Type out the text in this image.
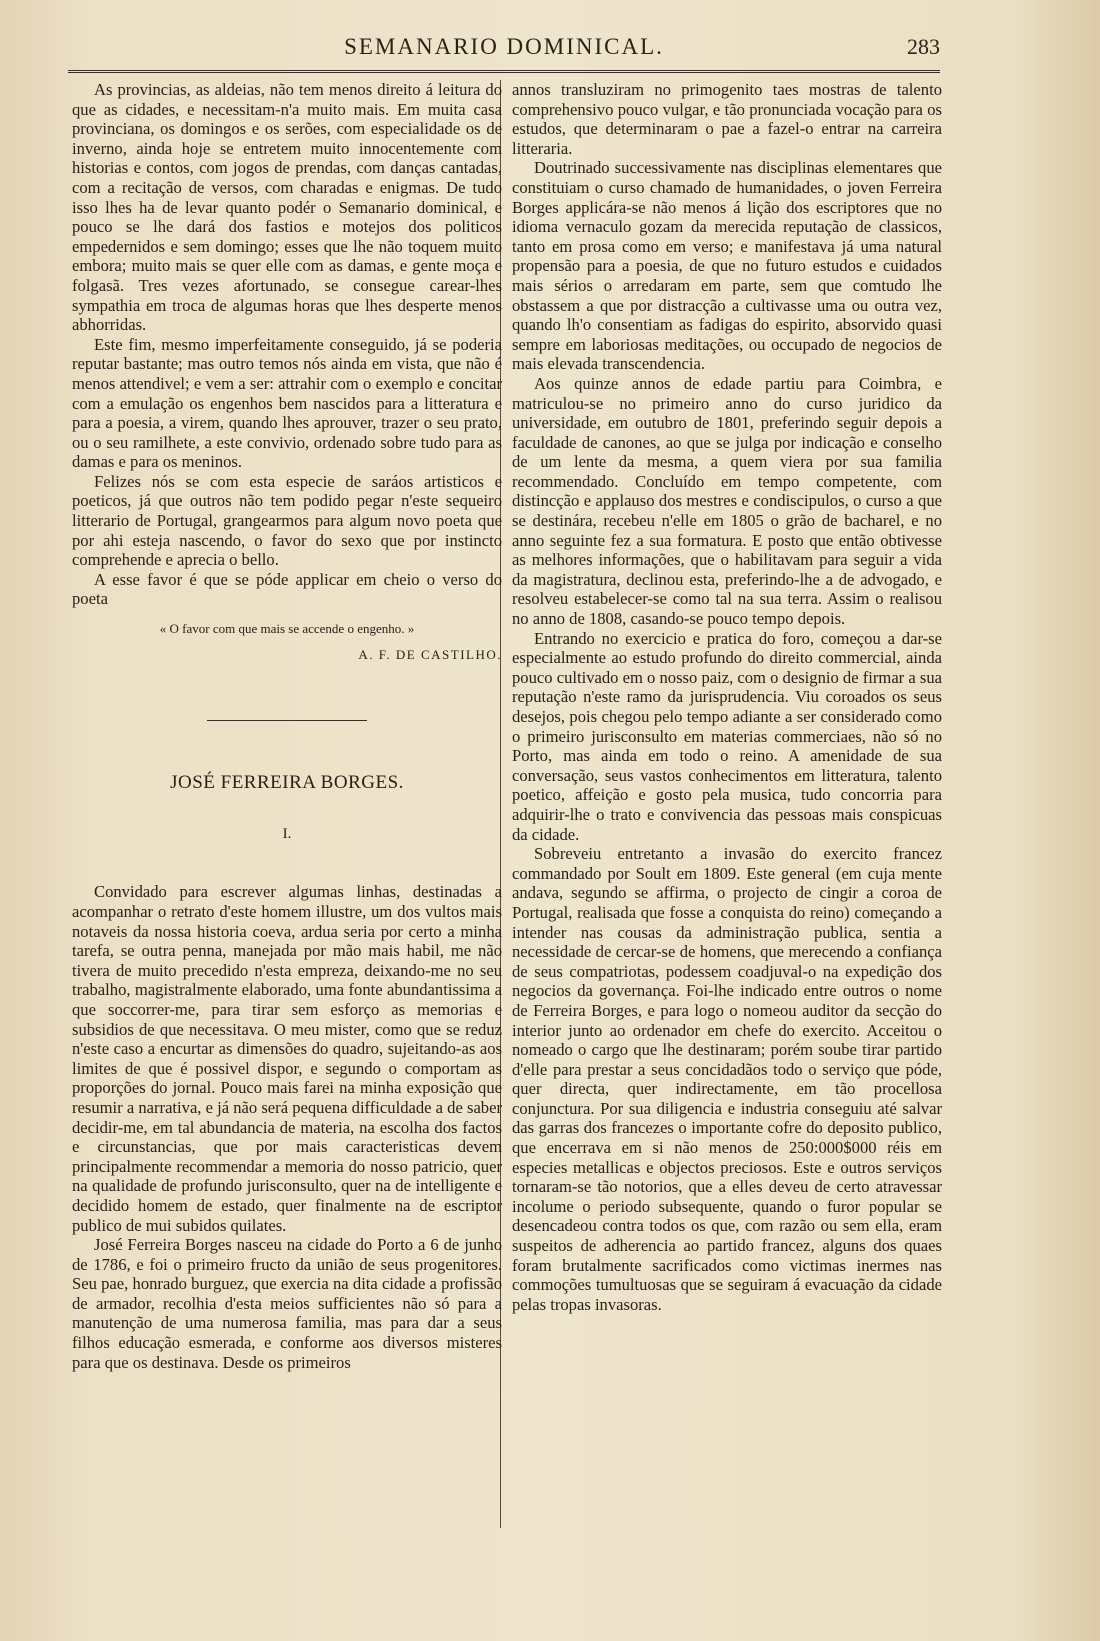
SEMANARIO DOMINICAL.	283

As provincias, as aldeias, não tem menos direito á leitura do que as cidades, e necessitam-n'a muito mais. Em muita casa provinciana, os domingos e os serões, com especialidade os de inverno, ainda hoje se entretem muito innocentemente com historias e contos, com jogos de prendas, com danças cantadas, com a recitação de versos, com charadas e enigmas. De tudo isso lhes ha de levar quanto podér o Semanario dominical, e pouco se lhe dará dos fastios e motejos dos politicos empedernidos e sem domingo; esses que lhe não toquem muito embora; muito mais se quer elle com as damas, e gente moça e folgasã. Tres vezes afortunado, se consegue carear-lhes sympathia em troca de algumas horas que lhes desperte menos abhorridas.

Este fim, mesmo imperfeitamente conseguido, já se poderia reputar bastante; mas outro temos nós ainda em vista, que não é menos attendivel; e vem a ser: attrahir com o exemplo e concitar com a emulação os engenhos bem nascidos para a litteratura e para a poesia, a virem, quando lhes aprouver, trazer o seu prato, ou o seu ramilhete, a este convivio, ordenado sobre tudo para as damas e para os meninos.

Felizes nós se com esta especie de saráos artisticos e poeticos, já que outros não tem podido pegar n'este sequeiro litterario de Portugal, grangearmos para algum novo poeta que por ahi esteja nascendo, o favor do sexo que por instincto comprehende e aprecia o bello.

A esse favor é que se póde applicar em cheio o verso do poeta

« O favor com que mais se accende o engenho. »

A. F. DE CASTILHO.

JOSÉ FERREIRA BORGES.

I.

Convidado para escrever algumas linhas, destinadas a acompanhar o retrato d'este homem illustre, um dos vultos mais notaveis da nossa historia coeva, ardua seria por certo a minha tarefa, se outra penna, manejada por mão mais habil, me não tivera de muito precedido n'esta empreza, deixando-me no seu trabalho, magistralmente elaborado, uma fonte abundantissima a que soccorrer-me, para tirar sem esforço as memorias e subsidios de que necessitava. O meu mister, como que se reduz n'este caso a encurtar as dimensões do quadro, sujeitando-as aos limites de que é possivel dispor, e segundo o comportam as proporções do jornal. Pouco mais farei na minha exposição que resumir a narrativa, e já não será pequena difficuldade a de saber decidir-me, em tal abundancia de materia, na escolha dos factos e circunstancias, que por mais caracteristicas devem principalmente recommendar a memoria do nosso patricio, quer na qualidade de profundo jurisconsulto, quer na de intelligente e decidido homem de estado, quer finalmente na de escriptor publico de mui subidos quilates.

José Ferreira Borges nasceu na cidade do Porto a 6 de junho de 1786, e foi o primeiro fructo da união de seus progenitores. Seu pae, honrado burguez, que exercia na dita cidade a profissão de armador, recolhia d'esta meios sufficientes não só para a manutenção de uma numerosa familia, mas para dar a seus filhos educação esmerada, e conforme aos diversos misteres para que os destinava. Desde os primeiros

annos transluziram no primogenito taes mostras de talento comprehensivo pouco vulgar, e tão pronunciada vocação para os estudos, que determinaram o pae a fazel-o entrar na carreira litteraria.

Doutrinado successivamente nas disciplinas elementares que constituiam o curso chamado de humanidades, o joven Ferreira Borges applicára-se não menos á lição dos escriptores que no idioma vernaculo gozam da merecida reputação de classicos, tanto em prosa como em verso; e manifestava já uma natural propensão para a poesia, de que no futuro estudos e cuidados mais sérios o arredaram em parte, sem que comtudo lhe obstassem a que por distracção a cultivasse uma ou outra vez, quando lh'o consentiam as fadigas do espirito, absorvido quasi sempre em laboriosas meditações, ou occupado de negocios de mais elevada transcendencia.

Aos quinze annos de edade partiu para Coimbra, e matriculou-se no primeiro anno do curso juridico da universidade, em outubro de 1801, preferindo seguir depois a faculdade de canones, ao que se julga por indicação e conselho de um lente da mesma, a quem viera por sua familia recommendado. Concluído em tempo competente, com distincção e applauso dos mestres e condiscipulos, o curso a que se destinára, recebeu n'elle em 1805 o grão de bacharel, e no anno seguinte fez a sua formatura. E posto que então obtivesse as melhores informações, que o habilitavam para seguir a vida da magistratura, declinou esta, preferindo-lhe a de advogado, e resolveu estabelecer-se como tal na sua terra. Assim o realisou no anno de 1808, casando-se pouco tempo depois.

Entrando no exercicio e pratica do foro, começou a dar-se especialmente ao estudo profundo do direito commercial, ainda pouco cultivado em o nosso paiz, com o designio de firmar a sua reputação n'este ramo da jurisprudencia. Viu coroados os seus desejos, pois chegou pelo tempo adiante a ser considerado como o primeiro jurisconsulto em materias commerciaes, não só no Porto, mas ainda em todo o reino. A amenidade de sua conversação, seus vastos conhecimentos em litteratura, talento poetico, affeição e gosto pela musica, tudo concorria para adquirir-lhe o trato e convivencia das pessoas mais conspicuas da cidade.

Sobreveiu entretanto a invasão do exercito francez commandado por Soult em 1809. Este general (em cuja mente andava, segundo se affirma, o projecto de cingir a coroa de Portugal, realisada que fosse a conquista do reino) começando a intender nas cousas da administração publica, sentia a necessidade de cercar-se de homens, que merecendo a confiança de seus compatriotas, podessem coadjuval-o na expedição dos negocios da governança. Foi-lhe indicado entre outros o nome de Ferreira Borges, e para logo o nomeou auditor da secção do interior junto ao ordenador em chefe do exercito. Acceitou o nomeado o cargo que lhe destinaram; porém soube tirar partido d'elle para prestar a seus concidadãos todo o serviço que póde, quer directa, quer indirectamente, em tão procellosa conjunctura. Por sua diligencia e industria conseguiu até salvar das garras dos francezes o importante cofre do deposito publico, que encerrava em si não menos de 250:000$000 réis em especies metallicas e objectos preciosos. Este e outros serviços tornaram-se tão notorios, que a elles deveu de certo atravessar incolume o periodo subsequente, quando o furor popular se desencadeou contra todos os que, com razão ou sem ella, eram suspeitos de adherencia ao partido francez, alguns dos quaes foram brutalmente sacrificados como victimas inermes nas commoções tumultuosas que se seguiram á evacuação da cidade pelas tropas invasoras.
